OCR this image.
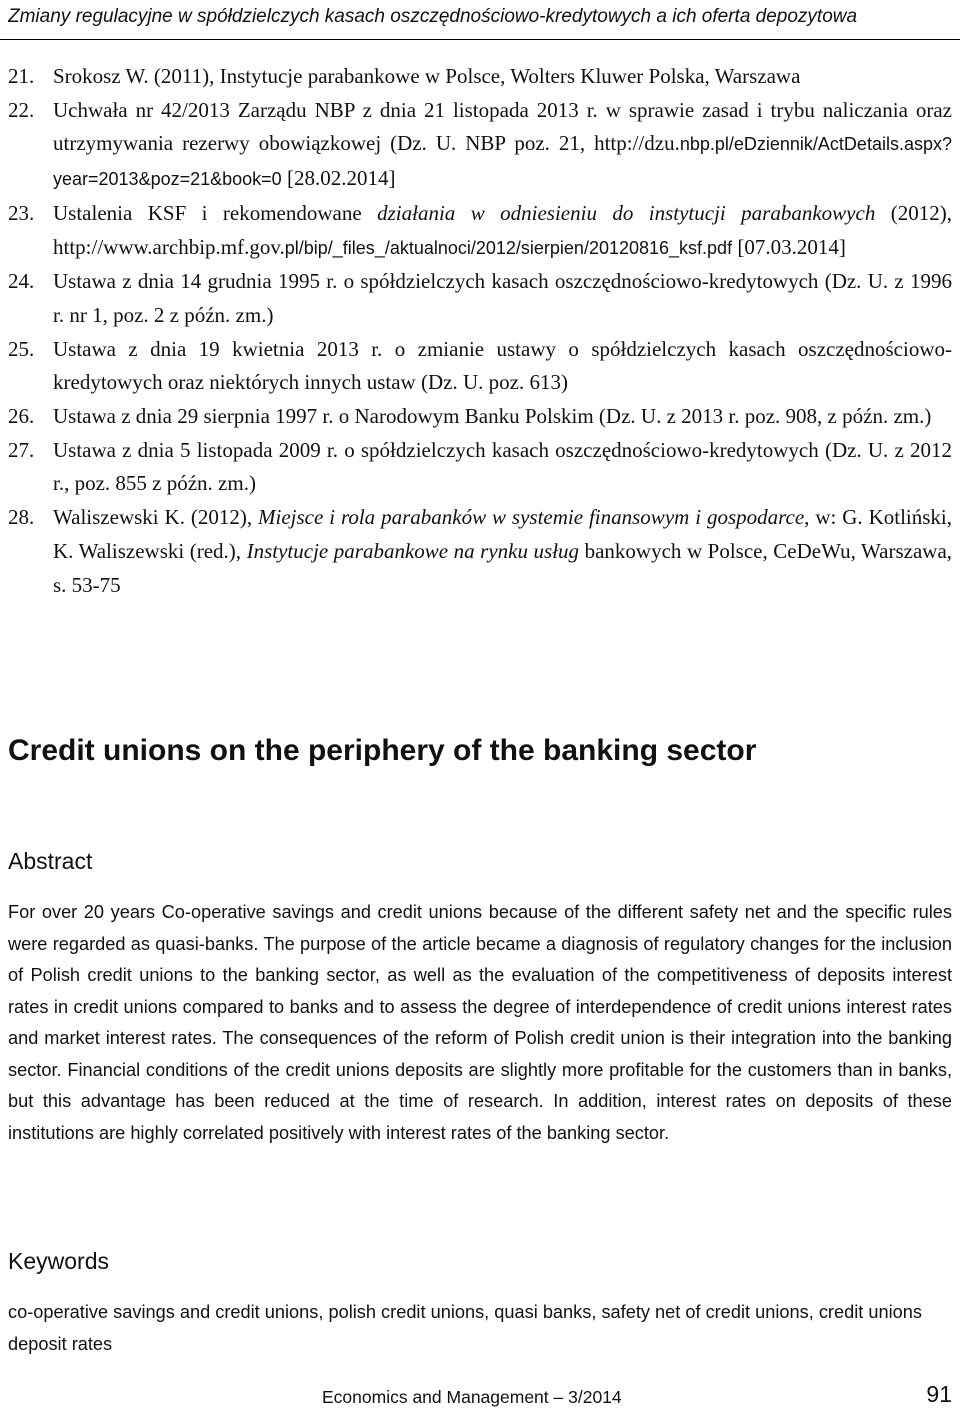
Zmiany regulacyjne w spółdzielczych kasach oszczędnościowo-kredytowych a ich oferta depozytowa
21. Srokosz W. (2011), Instytucje parabankowe w Polsce, Wolters Kluwer Polska, Warszawa
22. Uchwała nr 42/2013 Zarządu NBP z dnia 21 listopada 2013 r. w sprawie zasad i trybu naliczania oraz utrzymywania rezerwy obowiązkowej (Dz. U. NBP poz. 21, http://dzu.nbp.pl/eDziennik/ActDetails.aspx?year=2013&poz=21&book=0 [28.02.2014]
23. Ustalenia KSF i rekomendowane działania w odniesieniu do instytucji parabankowych (2012), http://www.archbip.mf.gov.pl/bip/_files_/aktualnoci/2012/sierpien/20120816_ksf.pdf [07.03.2014]
24. Ustawa z dnia 14 grudnia 1995 r. o spółdzielczych kasach oszczędnościowo-kredytowych (Dz. U. z 1996 r. nr 1, poz. 2 z późn. zm.)
25. Ustawa z dnia 19 kwietnia 2013 r. o zmianie ustawy o spółdzielczych kasach oszczędnościowo-kredytowych oraz niektórych innych ustaw (Dz. U. poz. 613)
26. Ustawa z dnia 29 sierpnia 1997 r. o Narodowym Banku Polskim (Dz. U. z 2013 r. poz. 908, z późn. zm.)
27. Ustawa z dnia 5 listopada 2009 r. o spółdzielczych kasach oszczędnościowo-kredytowych (Dz. U. z 2012 r., poz. 855 z późn. zm.)
28. Waliszewski K. (2012), Miejsce i rola parabanków w systemie finansowym i gospodarce, w: G. Kotliński, K. Waliszewski (red.), Instytucje parabankowe na rynku usług bankowych w Polsce, CeDeWu, Warszawa, s. 53-75
Credit unions on the periphery of the banking sector
Abstract

For over 20 years Co-operative savings and credit unions because of the different safety net and the specific rules were regarded as quasi-banks. The purpose of the article became a diagnosis of regulatory changes for the inclusion of Polish credit unions to the banking sector, as well as the evaluation of the competitiveness of deposits interest rates in credit unions compared to banks and to assess the degree of interdependence of credit unions interest rates and market interest rates. The consequences of the reform of Polish credit union is their integration into the banking sector. Financial conditions of the credit unions deposits are slightly more profitable for the customers than in banks, but this advantage has been reduced at the time of research. In addition, interest rates on deposits of these institutions are highly correlated positively with interest rates of the banking sector.

Keywords

co-operative savings and credit unions, polish credit unions, quasi banks, safety net of credit unions, credit unions deposit rates

Economics and Management – 3/2014	91
